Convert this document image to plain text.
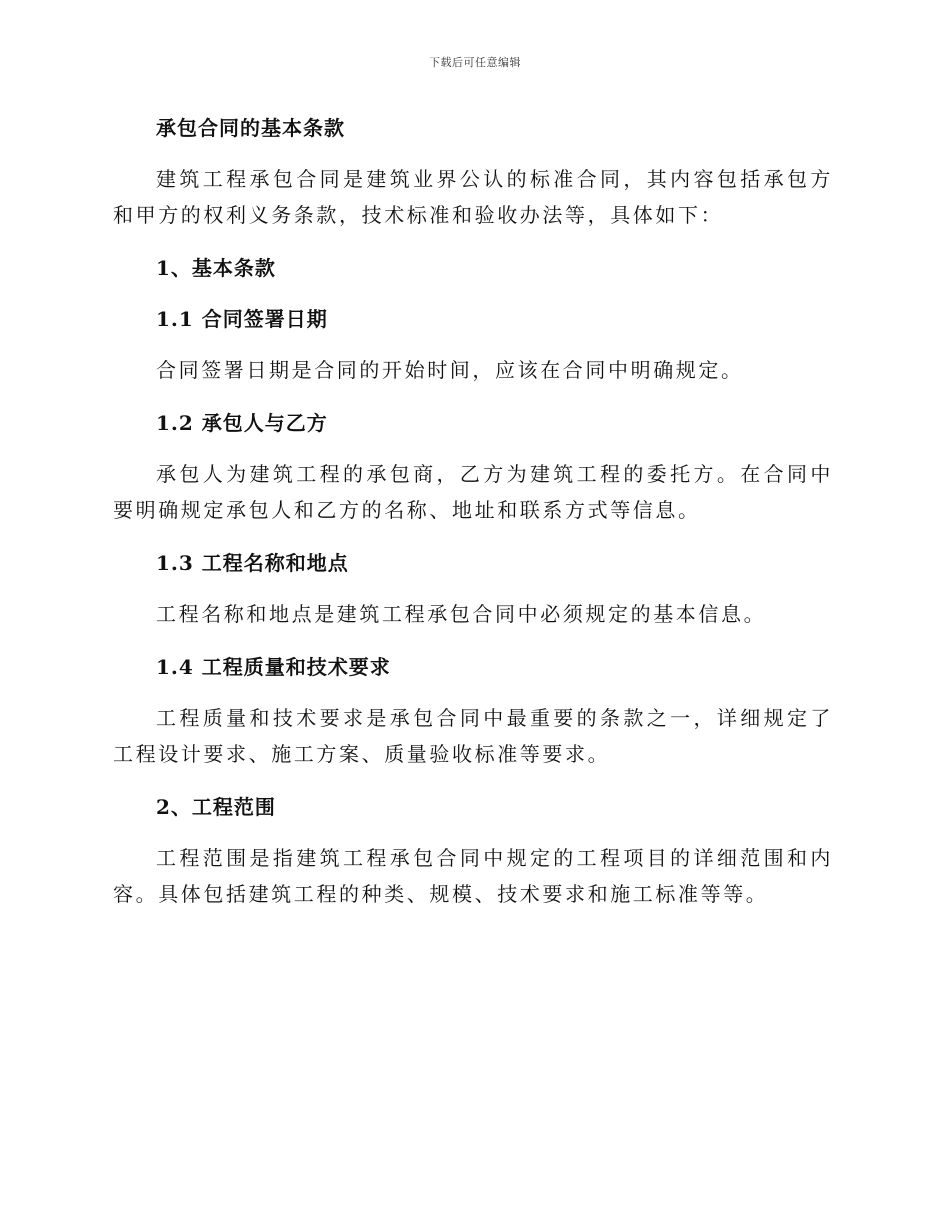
下载后可任意编辑

承包合同的基本条款

建筑工程承包合同是建筑业界公认的标准合同，其内容包括承包方和甲方的权利义务条款，技术标准和验收办法等，具体如下：

1、基本条款

1.1 合同签署日期

合同签署日期是合同的开始时间，应该在合同中明确规定。

1.2 承包人与乙方

承包人为建筑工程的承包商，乙方为建筑工程的委托方。在合同中要明确规定承包人和乙方的名称、地址和联系方式等信息。

1.3 工程名称和地点

工程名称和地点是建筑工程承包合同中必须规定的基本信息。

1.4 工程质量和技术要求

工程质量和技术要求是承包合同中最重要的条款之一，详细规定了工程设计要求、施工方案、质量验收标准等要求。

2、工程范围

工程范围是指建筑工程承包合同中规定的工程项目的详细范围和内容。具体包括建筑工程的种类、规模、技术要求和施工标准等等。
